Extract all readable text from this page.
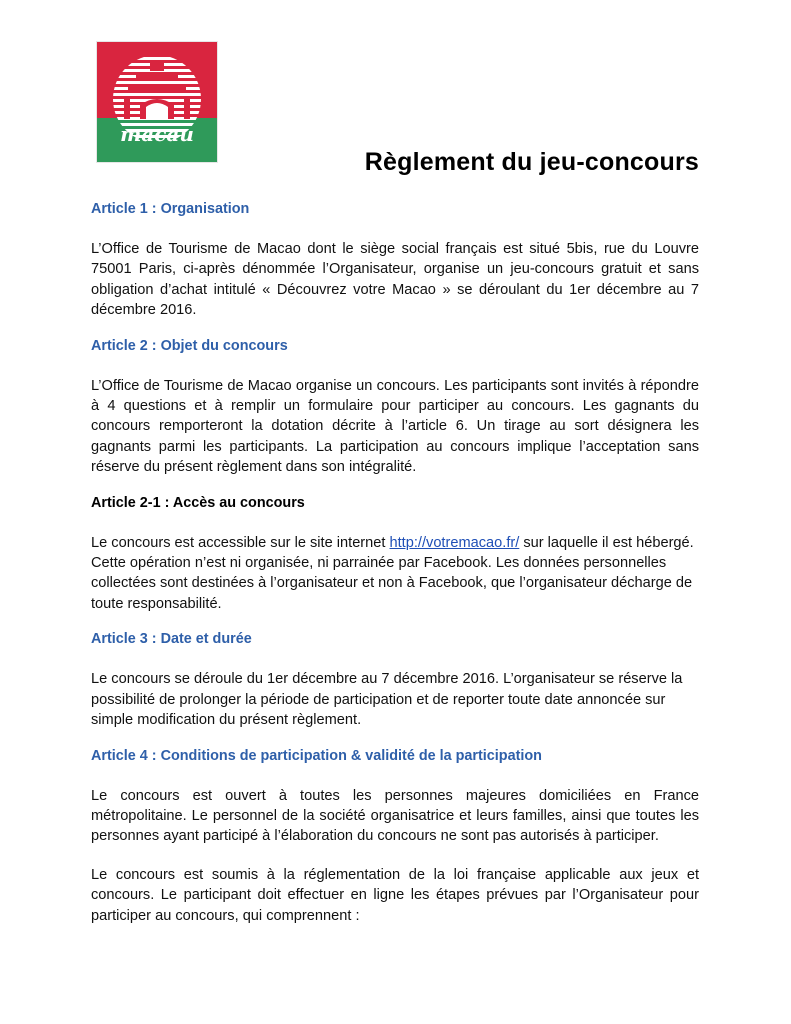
macau
Règlement du jeu-concours
Article 1 : Organisation
L’Office de Tourisme de Macao dont le siège social français est situé 5bis, rue du Louvre 75001 Paris, ci-après dénommée l’Organisateur, organise un jeu-concours gratuit et sans obligation d’achat intitulé « Découvrez votre Macao » se déroulant du 1er décembre au 7 décembre 2016.
Article 2 : Objet du concours
L’Office de Tourisme de Macao organise un concours. Les participants sont invités à répondre à 4 questions et à remplir un formulaire pour participer au concours. Les gagnants du concours remporteront la dotation décrite à l’article 6. Un tirage au sort désignera les gagnants parmi les participants. La participation au concours implique l’acceptation sans réserve du présent règlement dans son intégralité.
Article 2-1 : Accès au concours
Le concours est accessible sur le site internet http://votremacao.fr/ sur laquelle il est hébergé. Cette opération n’est ni organisée, ni parrainée par Facebook. Les données personnelles collectées sont destinées à l’organisateur et non à Facebook, que l’organisateur décharge de toute responsabilité.
Article 3 : Date et durée
Le concours se déroule du 1er décembre au 7 décembre 2016. L’organisateur se réserve la possibilité de prolonger la période de participation et de reporter toute date annoncée sur simple modification du présent règlement.
Article 4 : Conditions de participation & validité de la participation
Le concours est ouvert à toutes les personnes majeures domiciliées en France métropolitaine. Le personnel de la société organisatrice et leurs familles, ainsi que toutes les personnes ayant participé à l’élaboration du concours ne sont pas autorisés à participer.
Le concours est soumis à la réglementation de la loi française applicable aux jeux et concours. Le participant doit effectuer en ligne les étapes prévues par l’Organisateur pour participer au concours, qui comprennent :
